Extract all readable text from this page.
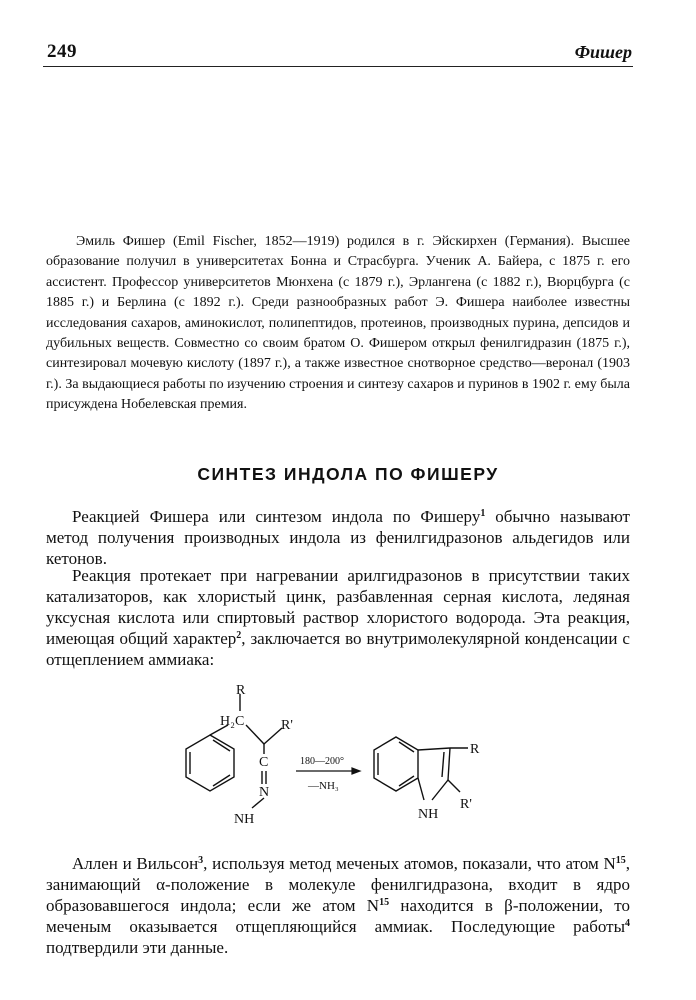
249	Фишер

Эмиль Фишер (Emil Fischer, 1852—1919) родился в г. Эйскирхен (Германия). Высшее образование получил в университетах Бонна и Страсбурга. Ученик А. Байера, с 1875 г. его ассистент. Профессор университетов Мюнхена (с 1879 г.), Эрлангена (с 1882 г.), Вюрцбурга (с 1885 г.) и Берлина (с 1892 г.). Среди разнообразных работ Э. Фишера наиболее известны исследования сахаров, аминокислот, полипептидов, протеинов, производных пурина, депсидов и дубильных веществ. Совместно со своим братом О. Фишером открыл фенилгидразин (1875 г.), синтезировал мочевую кислоту (1897 г.), а также известное снотворное средство—веронал (1903 г.). За выдающиеся работы по изучению строения и синтезу сахаров и пуринов в 1902 г. ему была присуждена Нобелевская премия.

СИНТЕЗ ИНДОЛА ПО ФИШЕРУ

Реакцией Фишера или синтезом индола по Фишеру$^1$ обычно называют метод получения производных индола из фенилгидразонов альдегидов или кетонов.

Реакция протекает при нагревании арилгидразонов в присутствии таких катализаторов, как хлористый цинк, разбавленная серная кислота, ледяная уксусная кислота или спиртовый раствор хлористого водорода. Эта реакция, имеющая общий характер$^2$, заключается во внутримолекулярной конденсации с отщеплением аммиака:

R
H₂C	R'
C
N
NH
180—200°
—NH₃
R
R'
NH

Аллен и Вильсон$^3$, используя метод меченых атомов, показали, что атом $N^{15}$, занимающий α-положение в молекуле фенилгидразона, входит в ядро образовавшегося индола; если же атом $N^{15}$ находится в β-положении, то меченым оказывается отщепляющийся аммиак. Последующие работы$^4$ подтвердили эти данные.
